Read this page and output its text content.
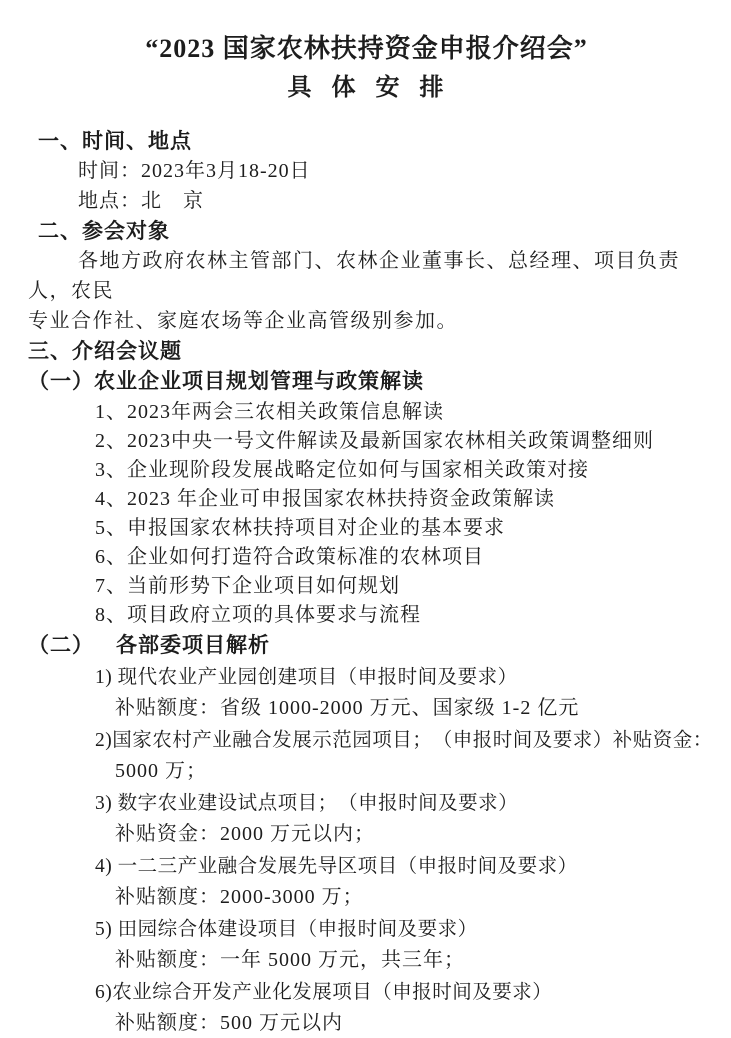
“2023 国家农林扶持资金申报介绍会”
具 体 安 排
一、时间、地点
时间：2023年3月18-20日
地点：北　京
二、参会对象

各地方政府农林主管部门、农林企业董事长、总经理、项目负责人，农民

专业合作社、家庭农场等企业高管级别参加。

三、介绍会议题
（一）农业企业项目规划管理与政策解读
1、2023年两会三农相关政策信息解读
2、2023中央一号文件解读及最新国家农林相关政策调整细则
3、企业现阶段发展战略定位如何与国家相关政策对接
4、2023 年企业可申报国家农林扶持资金政策解读
5、申报国家农林扶持项目对企业的基本要求
6、企业如何打造符合政策标准的农林项目
7、当前形势下企业项目如何规划
8、项目政府立项的具体要求与流程
（二） 各部委项目解析
1) 现代农业产业园创建项目（申报时间及要求）
补贴额度：省级 1000-2000 万元、国家级 1-2 亿元
2)国家农村产业融合发展示范园项目；　（申报时间及要求）补贴资金：
5000 万；
3) 数字农业建设试点项目；　（申报时间及要求）
补贴资金：2000 万元以内；
4) 一二三产业融合发展先导区项目（申报时间及要求）
补贴额度：2000-3000 万；
5) 田园综合体建设项目（申报时间及要求）
补贴额度：一年 5000 万元，共三年；
6)农业综合开发产业化发展项目（申报时间及要求）
补贴额度：500 万元以内
